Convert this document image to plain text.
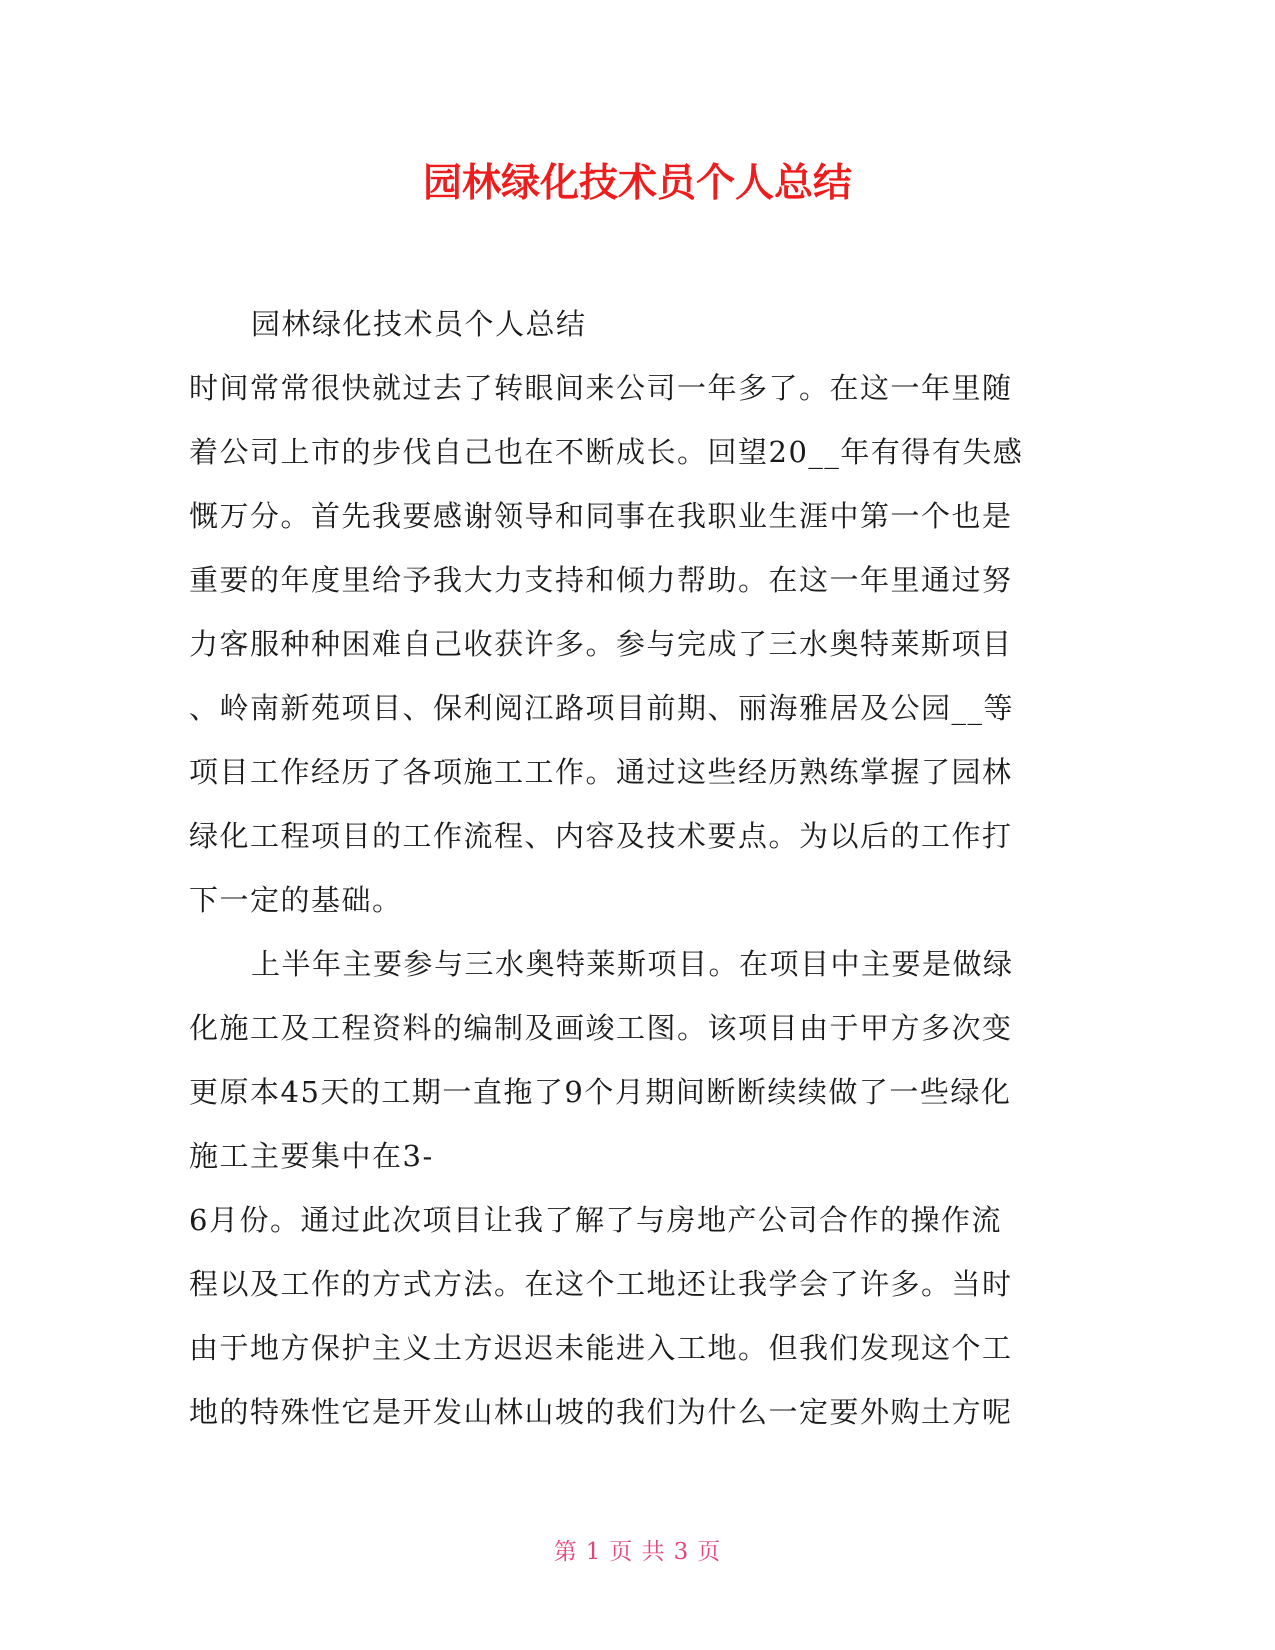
园林绿化技术员个人总结
园林绿化技术员个人总结
时间常常很快就过去了转眼间来公司一年多了。在这一年里随
着公司上市的步伐自己也在不断成长。回望20__年有得有失感
慨万分。首先我要感谢领导和同事在我职业生涯中第一个也是
重要的年度里给予我大力支持和倾力帮助。在这一年里通过努
力客服种种困难自己收获许多。参与完成了三水奥特莱斯项目
、岭南新苑项目、保利阅江路项目前期、丽海雅居及公园__等
项目工作经历了各项施工工作。通过这些经历熟练掌握了园林
绿化工程项目的工作流程、内容及技术要点。为以后的工作打
下一定的基础。
上半年主要参与三水奥特莱斯项目。在项目中主要是做绿
化施工及工程资料的编制及画竣工图。该项目由于甲方多次变
更原本45天的工期一直拖了9个月期间断断续续做了一些绿化
施工主要集中在3-
6月份。通过此次项目让我了解了与房地产公司合作的操作流
程以及工作的方式方法。在这个工地还让我学会了许多。当时
由于地方保护主义土方迟迟未能进入工地。但我们发现这个工
地的特殊性它是开发山林山坡的我们为什么一定要外购土方呢
第 1 页 共 3 页
